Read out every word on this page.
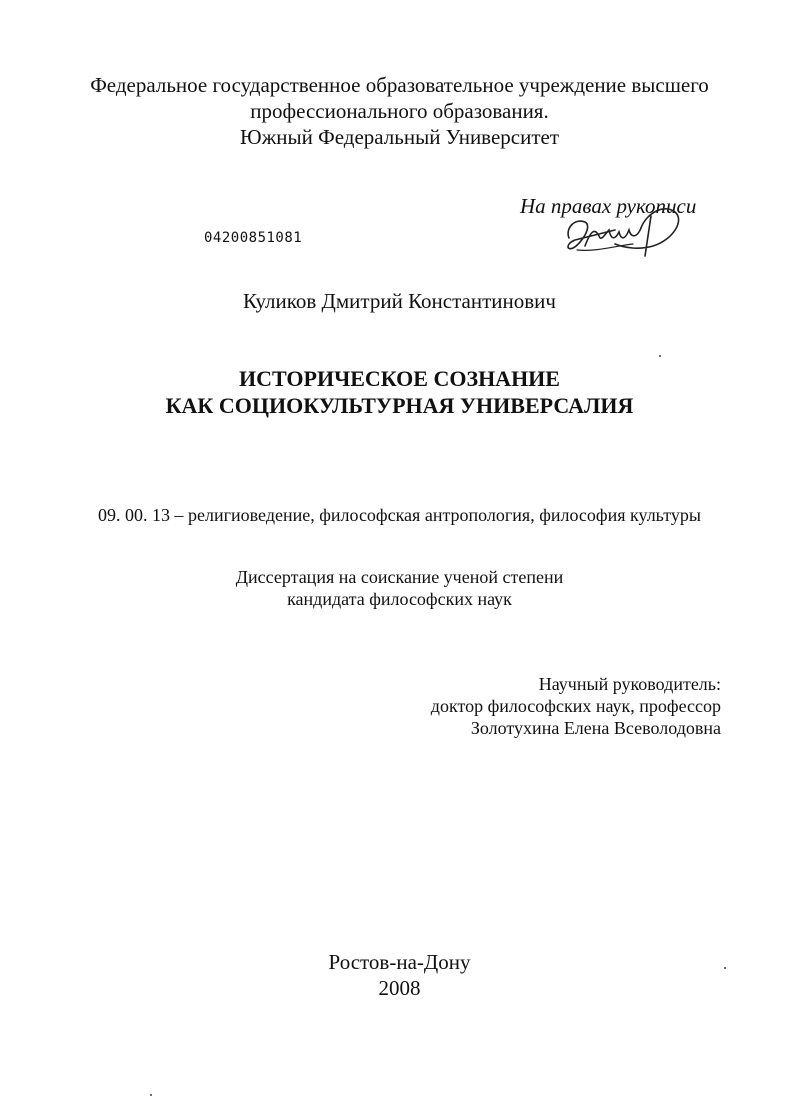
Федеральное государственное образовательное учреждение высшего
профессионального образования.
Южный Федеральный Университет
На правах рукописи
04200851081
Куликов Дмитрий Константинович
ИСТОРИЧЕСКОЕ СОЗНАНИЕ
КАК СОЦИОКУЛЬТУРНАЯ УНИВЕРСАЛИЯ
09. 00. 13 – религиоведение, философская антропология, философия культуры
Диссертация на соискание ученой степени
кандидата философских наук
Научный руководитель:
доктор философских наук, профессор
Золотухина Елена Всеволодовна
Ростов-на-Дону
2008
